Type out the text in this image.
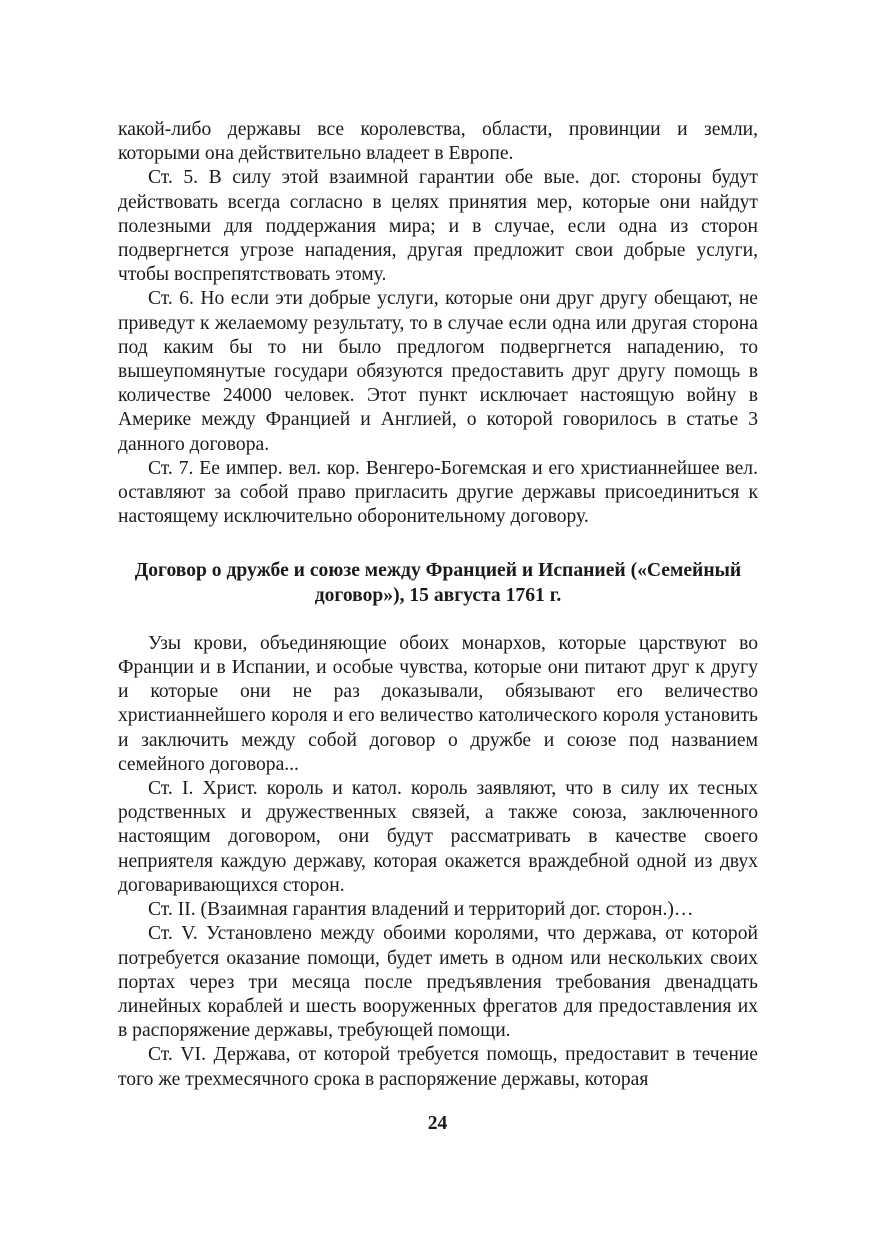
какой-либо державы все королевства, области, провинции и земли, которыми она действительно владеет в Европе.

Ст. 5. В силу этой взаимной гарантии обе вые. дог. стороны будут действовать всегда согласно в целях принятия мер, которые они найдут полезными для поддержания мира; и в случае, если одна из сторон подвергнется угрозе нападения, другая предложит свои добрые услуги, чтобы воспрепятствовать этому.

Ст. 6. Но если эти добрые услуги, которые они друг другу обещают, не приведут к желаемому результату, то в случае если одна или другая сторона под каким бы то ни было предлогом подвергнется нападению, то вышеупомянутые государи обязуются предоставить друг другу помощь в количестве 24000 человек. Этот пункт исключает настоящую войну в Америке между Францией и Англией, о которой говорилось в статье 3 данного договора.

Ст. 7. Ее импер. вел. кор. Венгеро-Богемская и его христианнейшее вел. оставляют за собой право пригласить другие державы присоединиться к настоящему исключительно оборонительному договору.

Договор о дружбе и союзе между Францией и Испанией («Семейный договор»), 15 августа 1761 г.

Узы крови, объединяющие обоих монархов, которые царствуют во Франции и в Испании, и особые чувства, которые они питают друг к другу и которые они не раз доказывали, обязывают его величество христианнейшего короля и его величество католического короля установить и заключить между собой договор о дружбе и союзе под названием семейного договора...

Ст. I. Христ. король и катол. король заявляют, что в силу их тесных родственных и дружественных связей, а также союза, заключенного настоящим договором, они будут рассматривать в качестве своего неприятеля каждую державу, которая окажется враждебной одной из двух договаривающихся сторон.

Ст. II. (Взаимная гарантия владений и территорий дог. сторон.)…

Ст. V. Установлено между обоими королями, что держава, от которой потребуется оказание помощи, будет иметь в одном или нескольких своих портах через три месяца после предъявления требования двенадцать линейных кораблей и шесть вооруженных фрегатов для предоставления их в распоряжение державы, требующей помощи.

Ст. VI. Держава, от которой требуется помощь, предоставит в течение того же трехмесячного срока в распоряжение державы, которая

24
